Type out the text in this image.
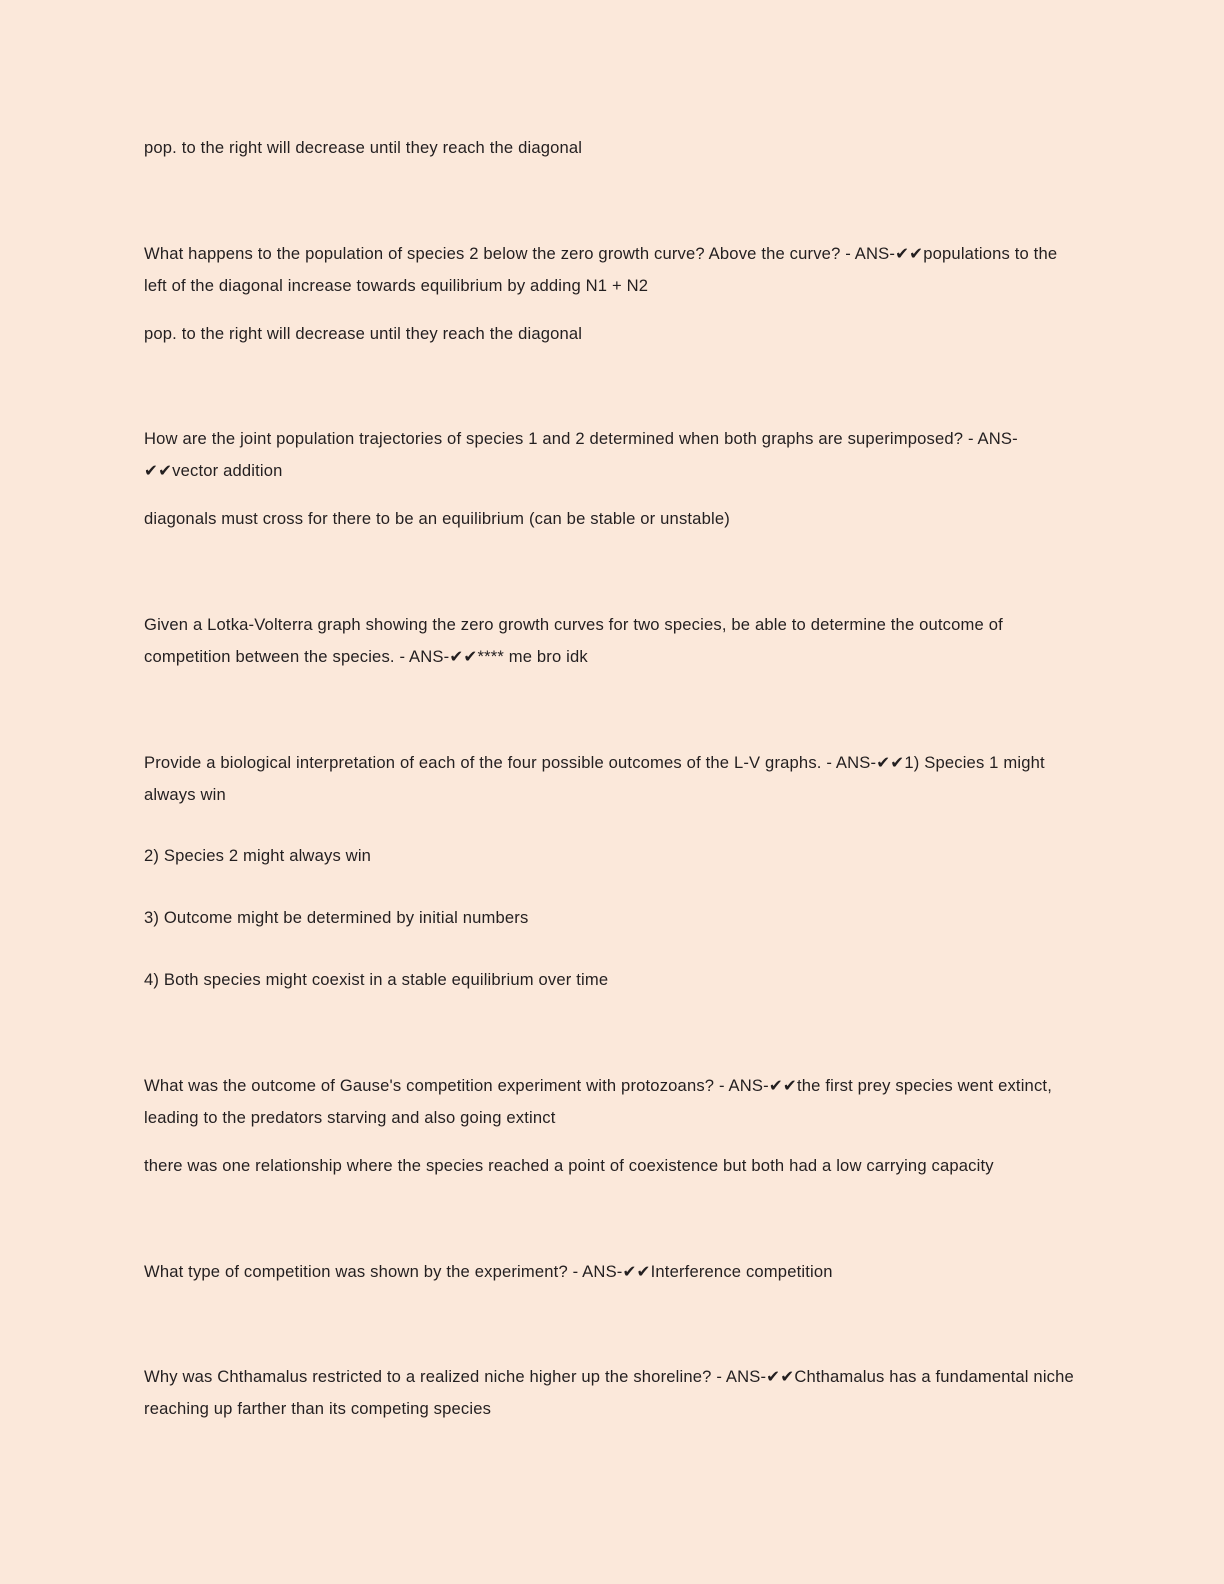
pop. to the right will decrease until they reach the diagonal

What happens to the population of species 2 below the zero growth curve? Above the curve? - ANS-✔✔populations to the left of the diagonal increase towards equilibrium by adding N1 + N2

pop. to the right will decrease until they reach the diagonal

How are the joint population trajectories of species 1 and 2 determined when both graphs are superimposed? - ANS-✔✔vector addition

diagonals must cross for there to be an equilibrium (can be stable or unstable)

Given a Lotka-Volterra graph showing the zero growth curves for two species, be able to determine the outcome of competition between the species. - ANS-✔✔**** me bro idk

Provide a biological interpretation of each of the four possible outcomes of the L-V graphs. - ANS-✔✔1) Species 1 might always win

2) Species 2 might always win

3) Outcome might be determined by initial numbers

4) Both species might coexist in a stable equilibrium over time

What was the outcome of Gause's competition experiment with protozoans? - ANS-✔✔the first prey species went extinct, leading to the predators starving and also going extinct

there was one relationship where the species reached a point of coexistence but both had a low carrying capacity

What type of competition was shown by the experiment? - ANS-✔✔Interference competition

Why was Chthamalus restricted to a realized niche higher up the shoreline? - ANS-✔✔Chthamalus has a fundamental niche reaching up farther than its competing species
